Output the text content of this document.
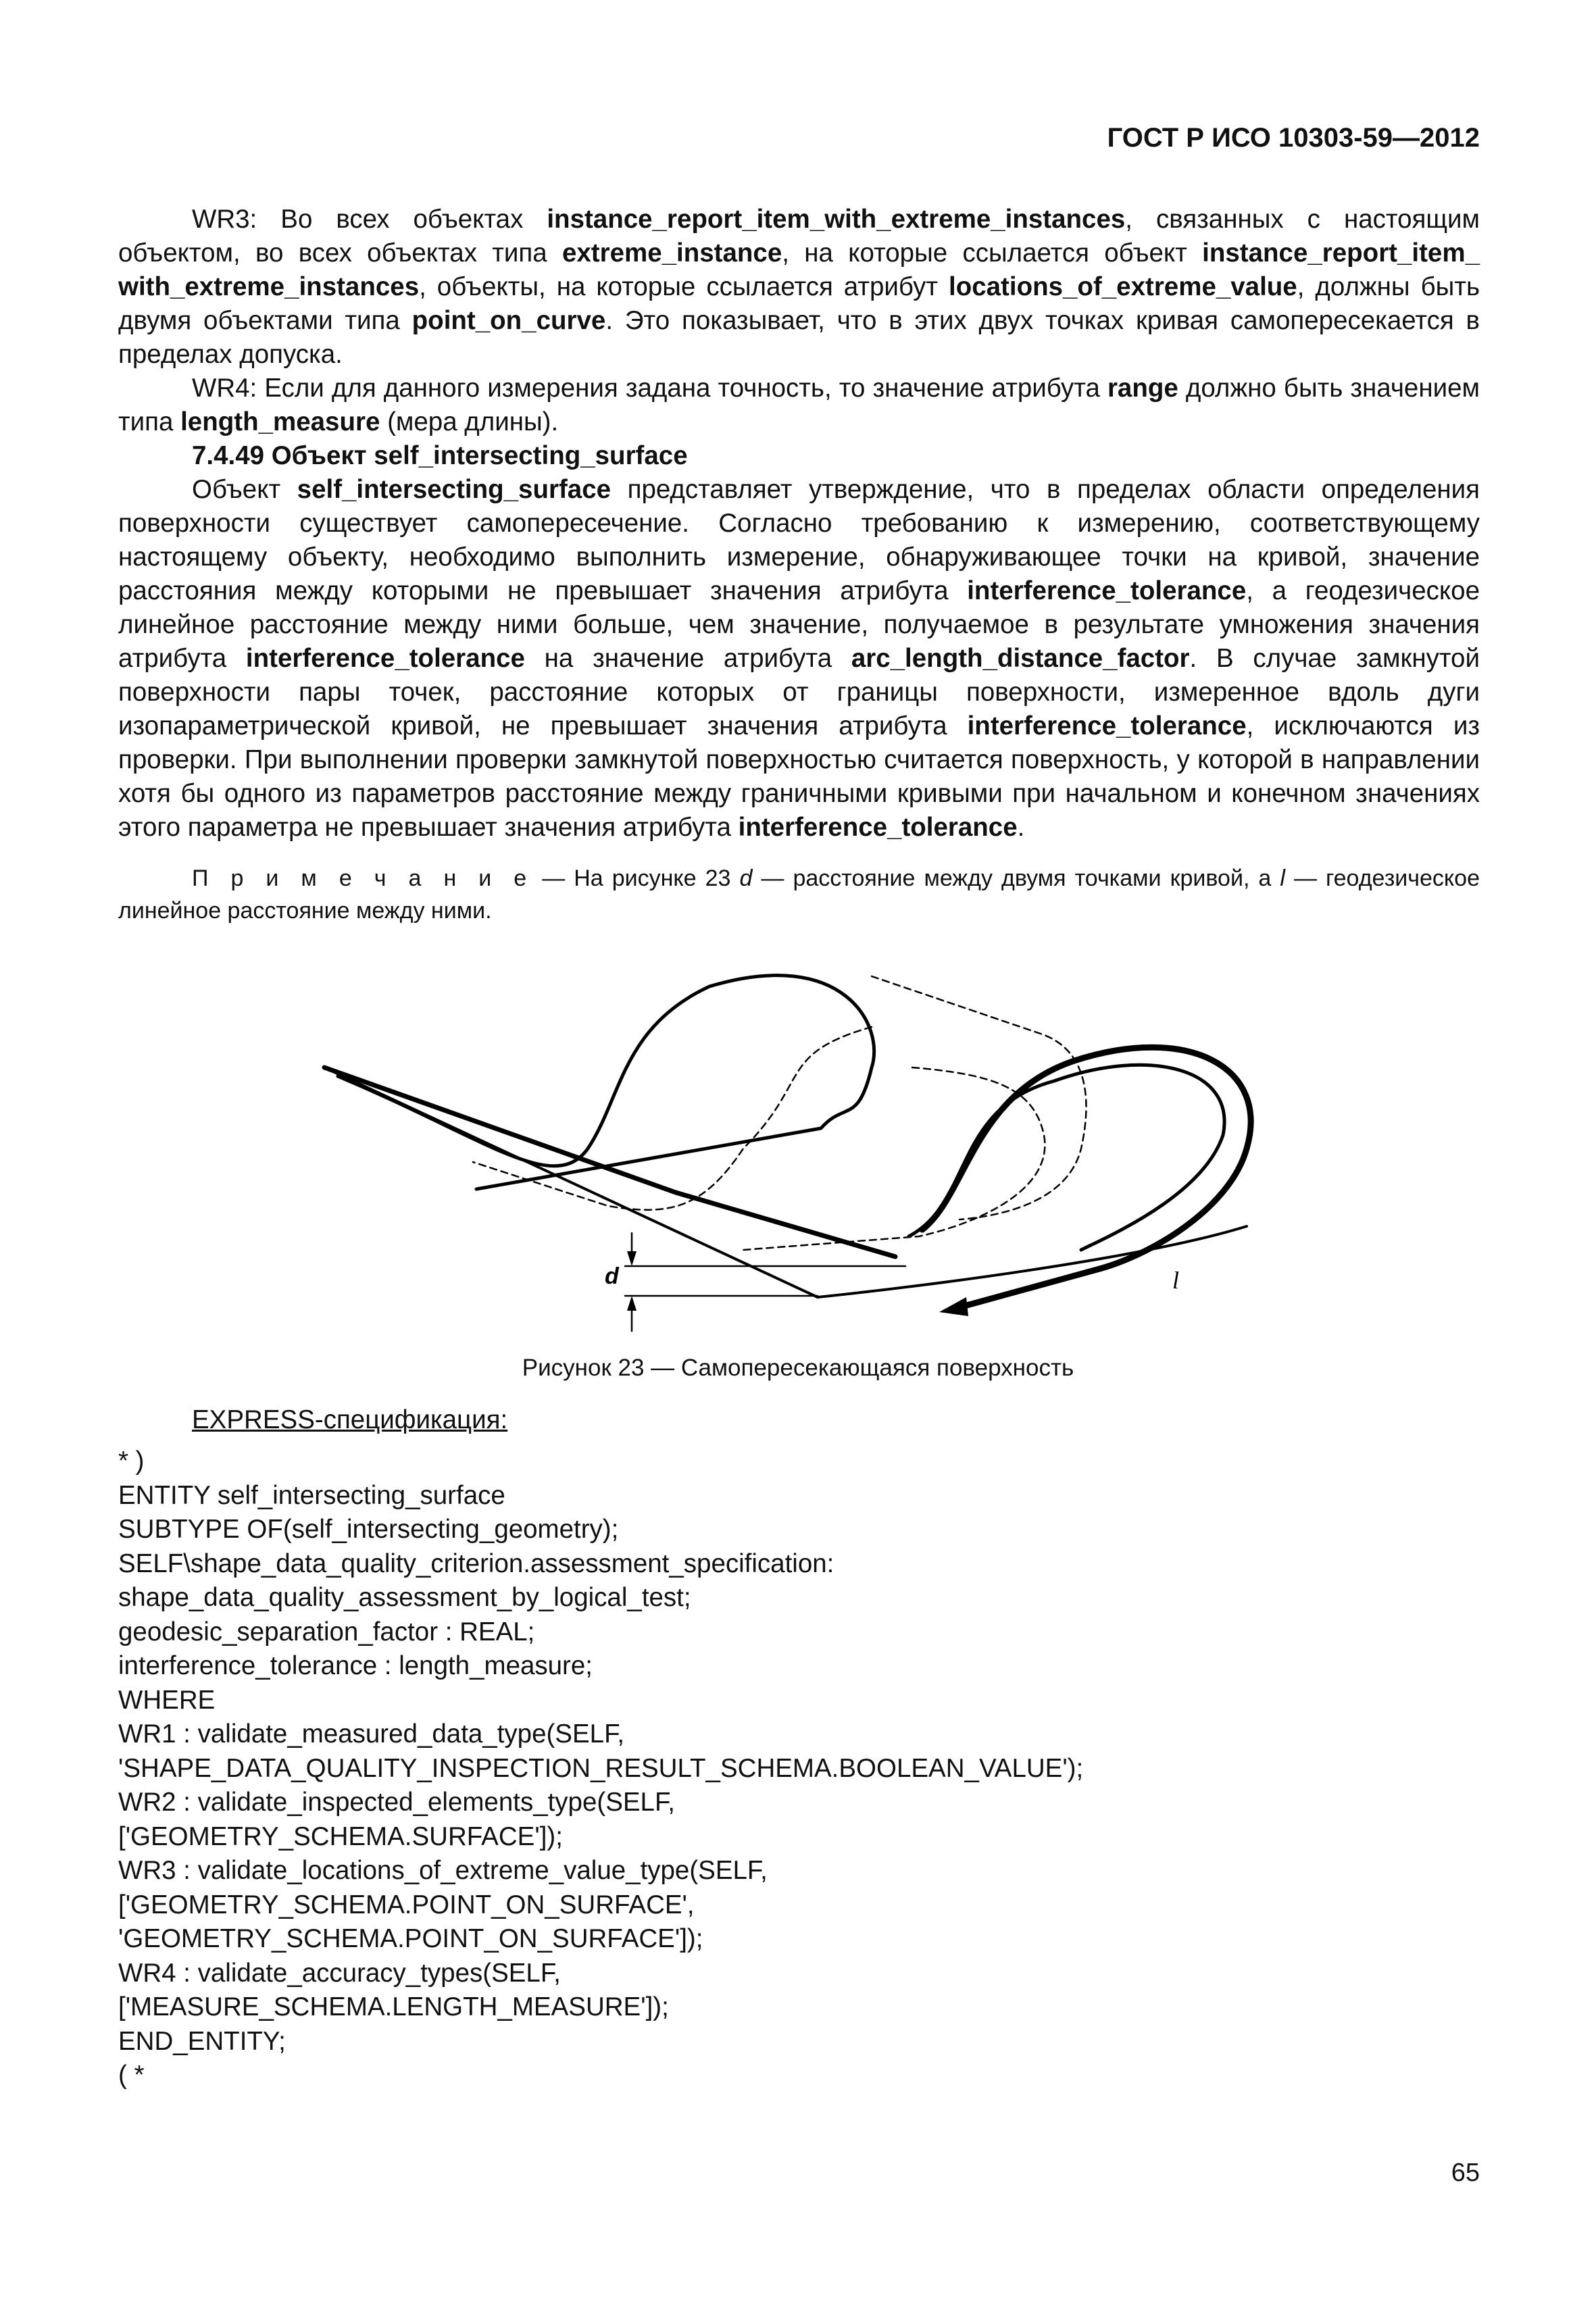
ГОСТ Р ИСО 10303-59—2012

WR3: Во всех объектах instance_report_item_with_extreme_instances, связанных с настоящим объектом, во всех объектах типа extreme_instance, на которые ссылается объект instance_report_item_ with_extreme_instances, объекты, на которые ссылается атрибут locations_of_extreme_value, должны быть двумя объектами типа point_on_curve. Это показывает, что в этих двух точках кривая самопересекается в пределах допуска.

WR4: Если для данного измерения задана точность, то значение атрибута range должно быть значением типа length_measure (мера длины).

7.4.49 Объект self_intersecting_surface

Объект self_intersecting_surface представляет утверждение, что в пределах области определения поверхности существует самопересечение. Согласно требованию к измерению, соответствующему настоящему объекту, необходимо выполнить измерение, обнаруживающее точки на кривой, значение расстояния между которыми не превышает значения атрибута interference_tolerance, а геодезическое линейное расстояние между ними больше, чем значение, получаемое в результате умножения значения атрибута interference_tolerance на значение атрибута arc_length_distance_factor. В случае замкнутой поверхности пары точек, расстояние которых от границы поверхности, измеренное вдоль дуги изопараметрической кривой, не превышает значения атрибута interference_tolerance, исключаются из проверки. При выполнении проверки замкнутой поверхностью считается поверхность, у которой в направлении хотя бы одного из параметров расстояние между граничными кривыми при начальном и конечном значениях этого параметра не превышает значения атрибута interference_tolerance.

П р и м е ч а н и е — На рисунке 23 d — расстояние между двумя точками кривой, а l — геодезическое линейное расстояние между ними.
d	l
Рисунок 23 — Самопересекающаяся поверхность
EXPRESS-спецификация:
* )
ENTITY self_intersecting_surface
SUBTYPE OF(self_intersecting_geometry);
SELF\shape_data_quality_criterion.assessment_specification:
shape_data_quality_assessment_by_logical_test;
geodesic_separation_factor : REAL;
interference_tolerance : length_measure;
WHERE
WR1 : validate_measured_data_type(SELF,
'SHAPE_DATA_QUALITY_INSPECTION_RESULT_SCHEMA.BOOLEAN_VALUE');
WR2 : validate_inspected_elements_type(SELF,
['GEOMETRY_SCHEMA.SURFACE']);
WR3 : validate_locations_of_extreme_value_type(SELF,
['GEOMETRY_SCHEMA.POINT_ON_SURFACE',
'GEOMETRY_SCHEMA.POINT_ON_SURFACE']);
WR4 : validate_accuracy_types(SELF,
['MEASURE_SCHEMA.LENGTH_MEASURE']);
END_ENTITY;
( *
65
